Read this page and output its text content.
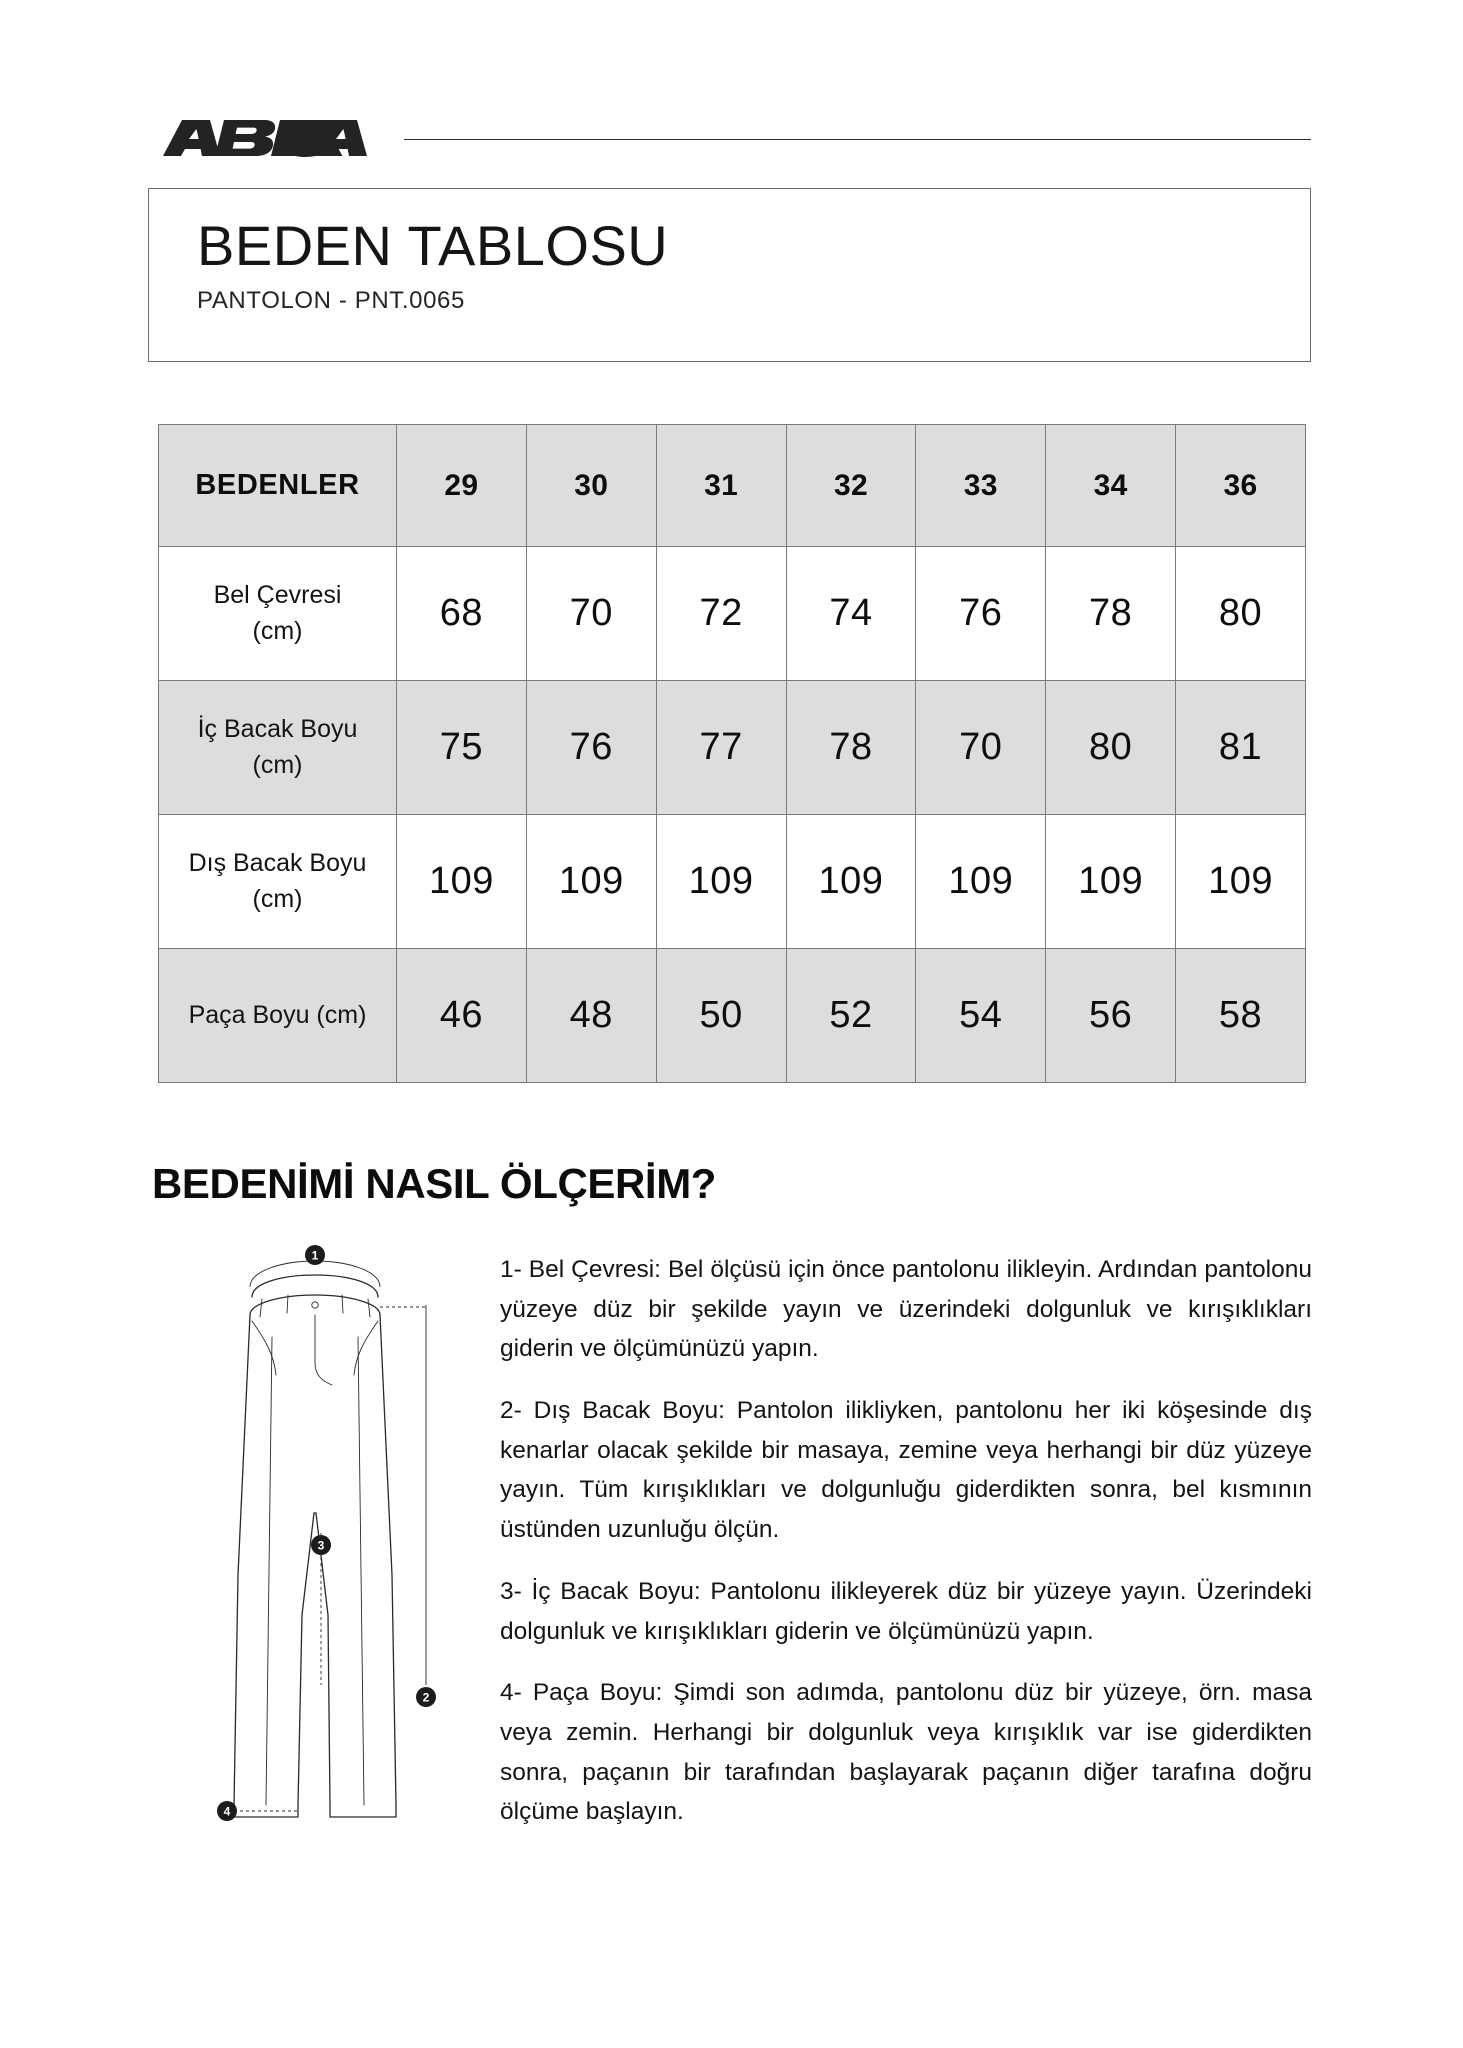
BEDEN TABLOSU
PANTOLON - PNT.0065
BEDENLER	29	30	31	32	33	34	36

Bel Çevresi
(cm)	68	70	72	74	76	78	80

İç Bacak Boyu
(cm)	75	76	77	78	70	80	81

Dış Bacak Boyu
(cm)	109	109	109	109	109	109	109

Paça Boyu (cm)	46	48	50	52	54	56	58
BEDENİMİ NASIL ÖLÇERİM?
1
2
3
4

1- Bel Çevresi: Bel ölçüsü için önce pantolonu ilikleyin. Ardından pantolonu yüzeye düz bir şekilde yayın ve üzerindeki dolgunluk ve kırışıklıkları giderin ve ölçümünüzü yapın.

2- Dış Bacak Boyu: Pantolon ilikliyken, pantolonu her iki köşesinde dış kenarlar olacak şekilde bir masaya, zemine veya herhangi bir düz yüzeye yayın. Tüm kırışıklıkları ve dolgunluğu giderdikten sonra, bel kısmının üstünden uzunluğu ölçün.

3- İç Bacak Boyu: Pantolonu ilikleyerek düz bir yüzeye yayın. Üzerindeki dolgunluk ve kırışıklıkları giderin ve ölçümünüzü yapın.

4- Paça Boyu: Şimdi son adımda, pantolonu düz bir yüzeye, örn. masa veya zemin. Herhangi bir dolgunluk veya kırışıklık var ise giderdikten sonra, paçanın bir tarafından başlayarak paçanın diğer tarafına doğru ölçüme başlayın.
